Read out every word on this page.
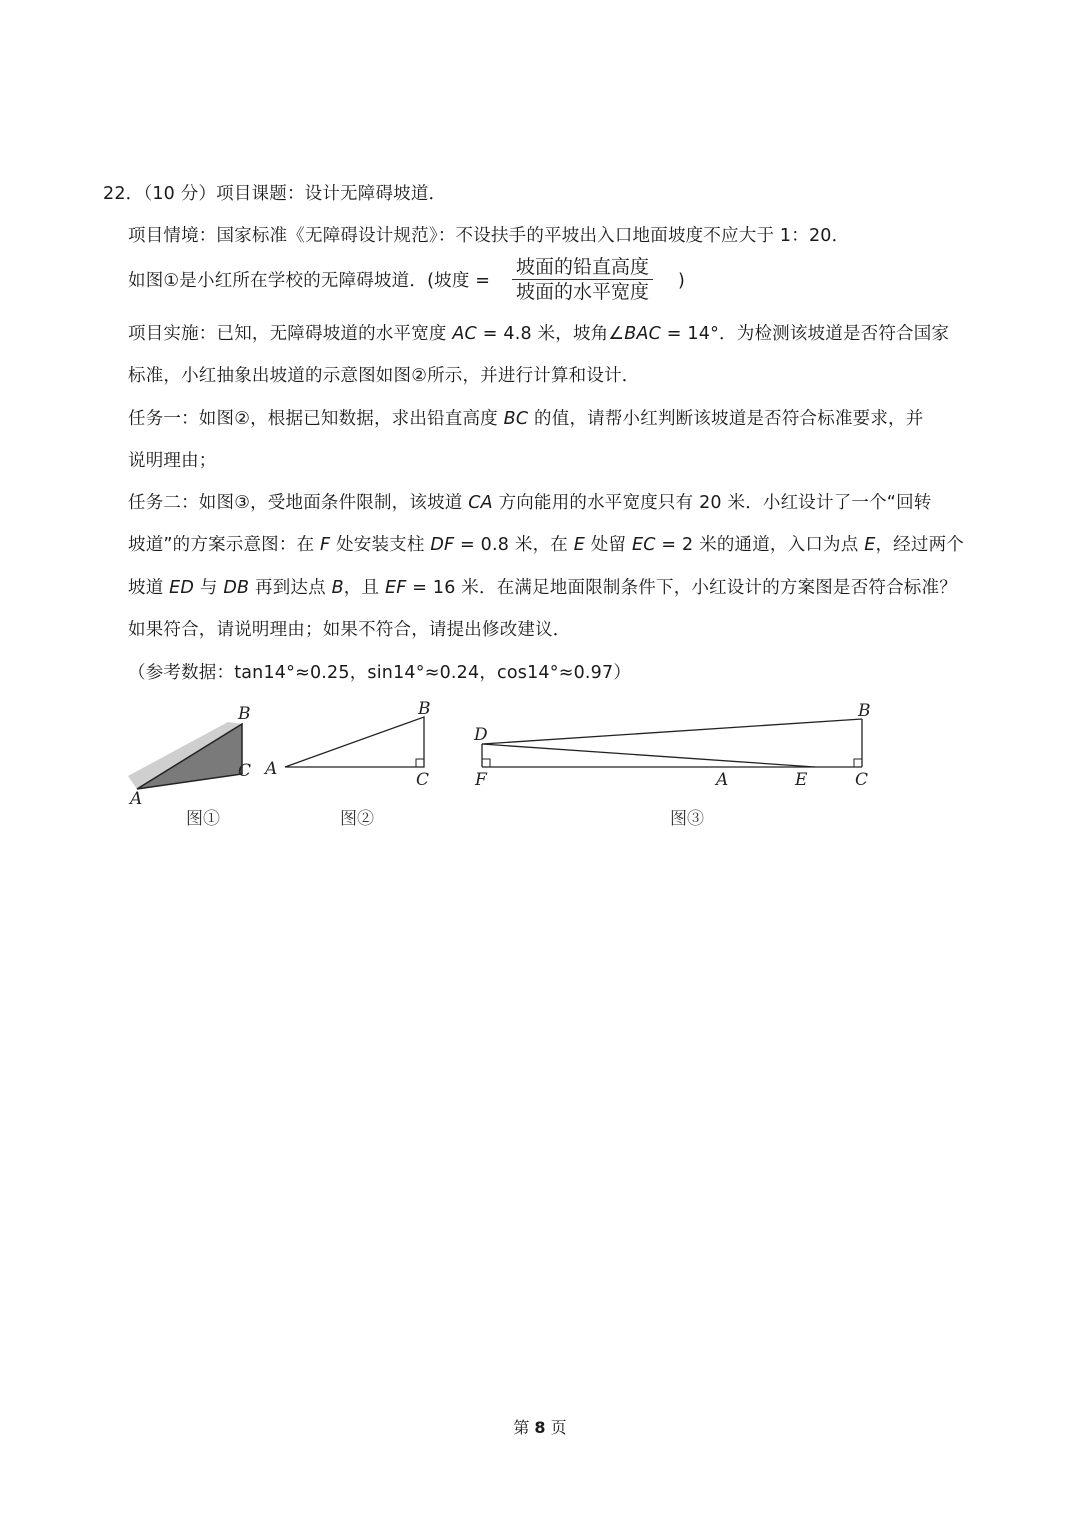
22．（10 分）项目课题：设计无障碍坡道．
项目情境：国家标准《无障碍设计规范》：不设扶手的平坡出入口地面坡度不应大于 1：20．
如图①是小红所在学校的无障碍坡道．(坡度 =
坡面的铅直高度
坡面的水平宽度 )
项目实施：已知，无障碍坡道的水平宽度 AC = 4.8 米，坡角∠BAC = 14°．为检测该坡道是否符合国家
标准，小红抽象出坡道的示意图如图②所示，并进行计算和设计．
任务一：如图②，根据已知数据，求出铅直高度 BC 的值，请帮小红判断该坡道是否符合标准要求，并
说明理由；
任务二：如图③，受地面条件限制，该坡道 CA 方向能用的水平宽度只有 20 米．小红设计了一个“回转
坡道”的方案示意图：在 F 处安装支柱 DF = 0.8 米，在 E 处留 EC = 2 米的通道，入口为点 E，经过两个
坡道 ED 与 DB 再到达点 B，且 EF = 16 米．在满足地面限制条件下，小红设计的方案图是否符合标准？
如果符合，请说明理由；如果不符合，请提出修改建议．
（参考数据：tan14°≈0.25，sin14°≈0.24，cos14°≈0.97）
B
C
A
图①
B
A
C
图②
D
B
F	A	E	C
图③
第 8 页
